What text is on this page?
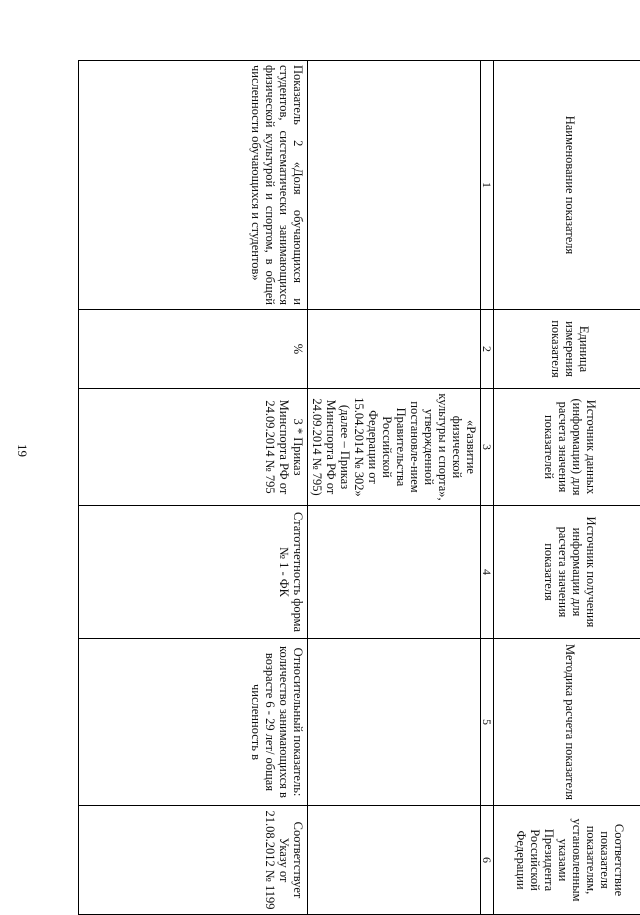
19
Наименование показателя	Единица измерения показателя	Источник данных (информации) для расчета значения показателей	Источник получения информации для расчета значения показателя	Методика расчета показателя	Соответствие показателя показателям, установленным указами Президента Российской Федерации
1	2	3	4	5	6
		«Развитие физической культуры и спорта», утвержденной постановле-нием Правительства Российской Федерации от 15.04.2014 № 302» (далее – Приказ Минспорта РФ от 24.09.2014 № 795)			
Показатель 2 «Доля обучающихся и студентов, систематически занимающихся физической культурой и спортом, в общей численности обучающихся и студентов»	%	3 * Приказ Минспорта РФ от 24.09.2014 № 795	Статотчетность форма № 1 - ФК	Относительный показатель: количество занимающихся в возрасте 6 - 29 лет/ общая численность в	Соответствует Указу от 21.08.2012 № 1199
